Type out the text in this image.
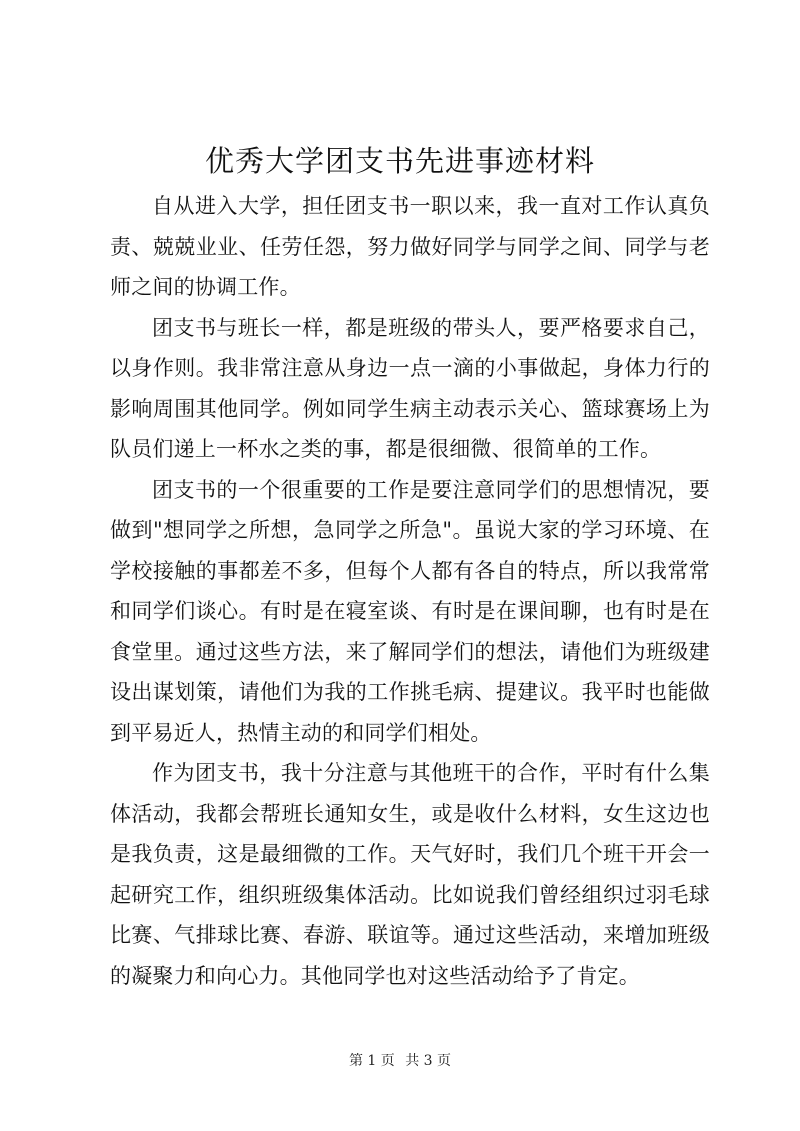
优秀大学团支书先进事迹材料

自从进入大学，担任团支书一职以来，我一直对工作认真负责、兢兢业业、任劳任怨，努力做好同学与同学之间、同学与老师之间的协调工作。

团支书与班长一样，都是班级的带头人，要严格要求自己，以身作则。我非常注意从身边一点一滴的小事做起，身体力行的影响周围其他同学。例如同学生病主动表示关心、篮球赛场上为队员们递上一杯水之类的事，都是很细微、很简单的工作。

团支书的一个很重要的工作是要注意同学们的思想情况，要做到"想同学之所想，急同学之所急"。虽说大家的学习环境、在学校接触的事都差不多，但每个人都有各自的特点，所以我常常和同学们谈心。有时是在寝室谈、有时是在课间聊，也有时是在食堂里。通过这些方法，来了解同学们的想法，请他们为班级建设出谋划策，请他们为我的工作挑毛病、提建议。我平时也能做到平易近人，热情主动的和同学们相处。

作为团支书，我十分注意与其他班干的合作，平时有什么集体活动，我都会帮班长通知女生，或是收什么材料，女生这边也是我负责，这是最细微的工作。天气好时，我们几个班干开会一起研究工作，组织班级集体活动。比如说我们曾经组织过羽毛球比赛、气排球比赛、春游、联谊等。通过这些活动，来增加班级的凝聚力和向心力。其他同学也对这些活动给予了肯定。

第 1 页 共 3 页
